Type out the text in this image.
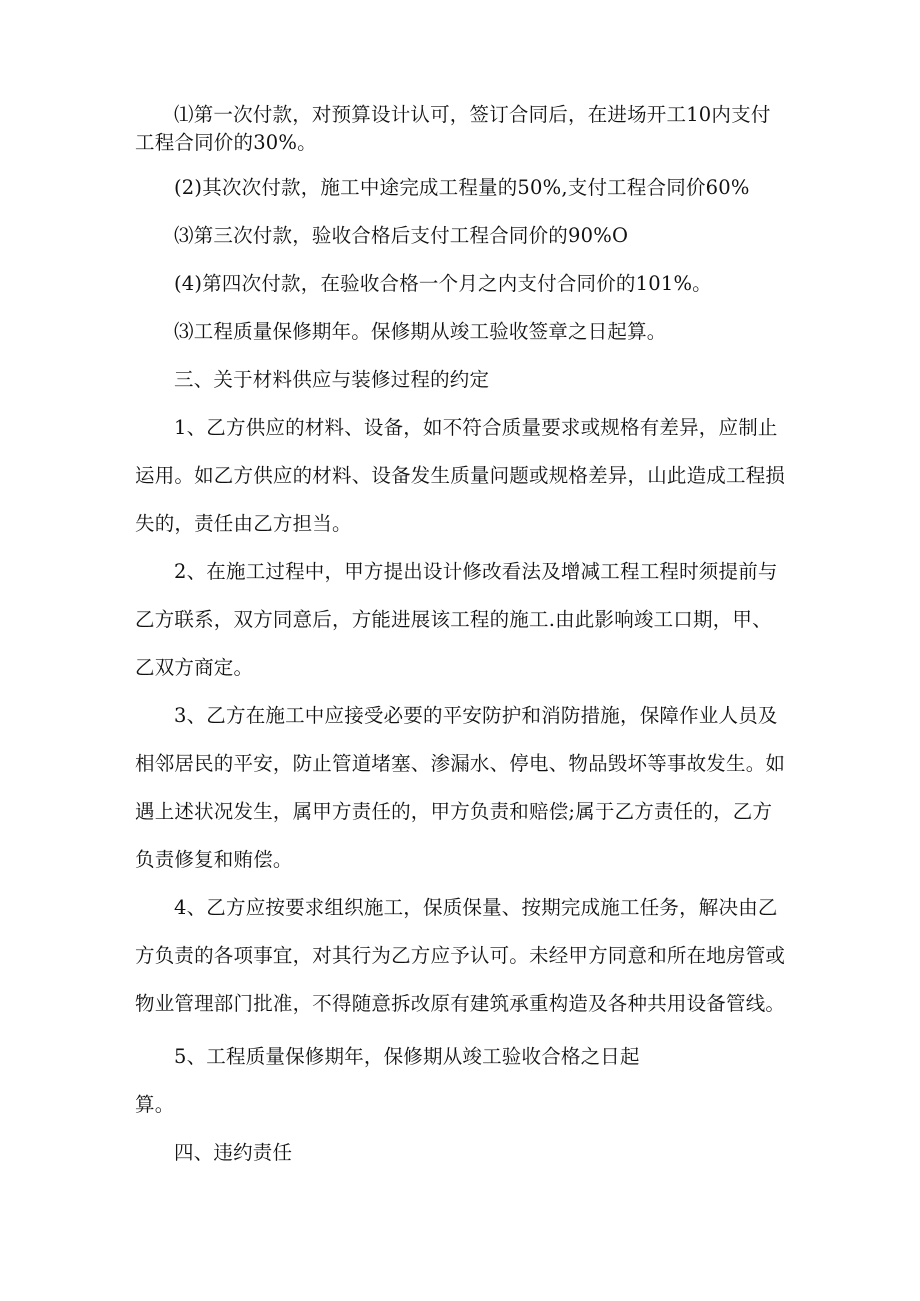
⑴第一次付款，对预算设计认可，签订合同后，在进场开工10内支付
工程合同价的30%。
(2)其次次付款，施工中途完成工程量的50%,支付工程合同价60%
⑶第三次付款，验收合格后支付工程合同价的90%O
(4)第四次付款，在验收合格一个月之内支付合同价的101%。
⑶工程质量保修期年。保修期从竣工验收签章之日起算。
三、关于材料供应与装修过程的约定
1、乙方供应的材料、设备，如不符合质量要求或规格有差异，应制止
运用。如乙方供应的材料、设备发生质量问题或规格差异，山此造成工程损
失的，责任由乙方担当。
2、在施工过程中，甲方提出设计修改看法及增减工程工程时须提前与
乙方联系，双方同意后，方能进展该工程的施工.由此影响竣工口期，甲、
乙双方商定。
3、乙方在施工中应接受必要的平安防护和消防措施，保障作业人员及
相邻居民的平安，防止管道堵塞、渗漏水、停电、物品毁坏等事故发生。如
遇上述状况发生，属甲方责任的，甲方负责和赔偿;属于乙方责任的，乙方
负责修复和贿偿。
4、乙方应按要求组织施工，保质保量、按期完成施工任务，解决由乙
方负责的各项事宜，对其行为乙方应予认可。未经甲方同意和所在地房管或
物业管理部门批准，不得随意拆改原有建筑承重构造及各种共用设备管线。
5、工程质量保修期年，保修期从竣工验收合格之日起
算。
四、违约责任
